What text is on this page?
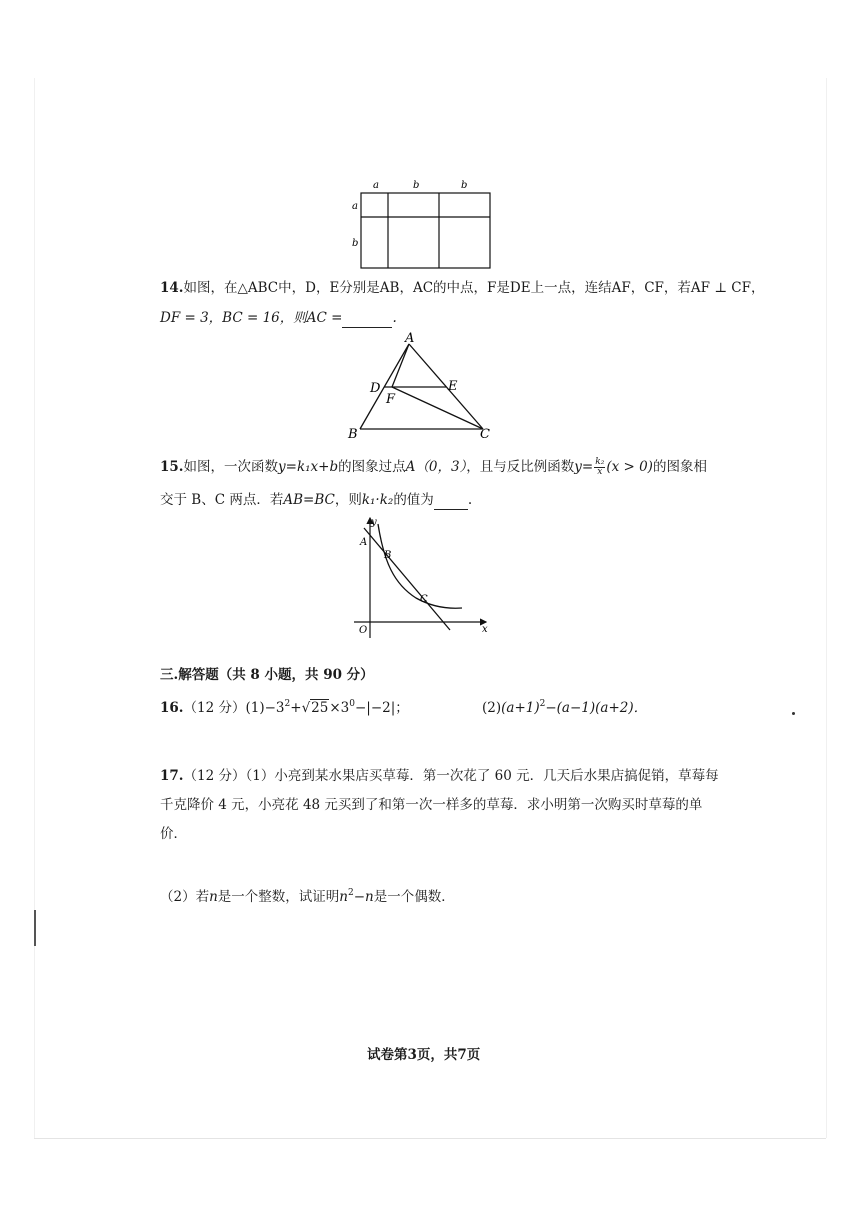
a	b	b
a
b
14.如图，在△ABC中，D，E分别是AB，AC的中点，F是DE上一点，连结AF，CF，若AF ⊥ CF，
DF = 3，BC = 16，则AC =	.
A
D	E
F
B	C
15.如图，一次函数y=k₁x+b的图象过点A（0，3），且与反比例函数$y= \frac{\text{k₂}}{x} (x > 0)$的图象相
交于 B、C 两点．若AB=BC，则k₁·k₂的值为	.
y
x
O
A
B
C
三.解答题（共 8 小题，共 90 分）
16.（12 分）$(1)-3^2+√25\times 3^0-|-2|$；	$(2)(a+1)^2-(a-1)(a+2)$．
17.（12 分）（1）小亮到某水果店买草莓．第一次花了 60 元．几天后水果店搞促销，草莓每
千克降价 4 元，小亮花 48 元买到了和第一次一样多的草莓．求小明第一次购买时草莓的单
价．
（2）若n是一个整数，试证明$n^2-n$是一个偶数．
试卷第3页，共7页
